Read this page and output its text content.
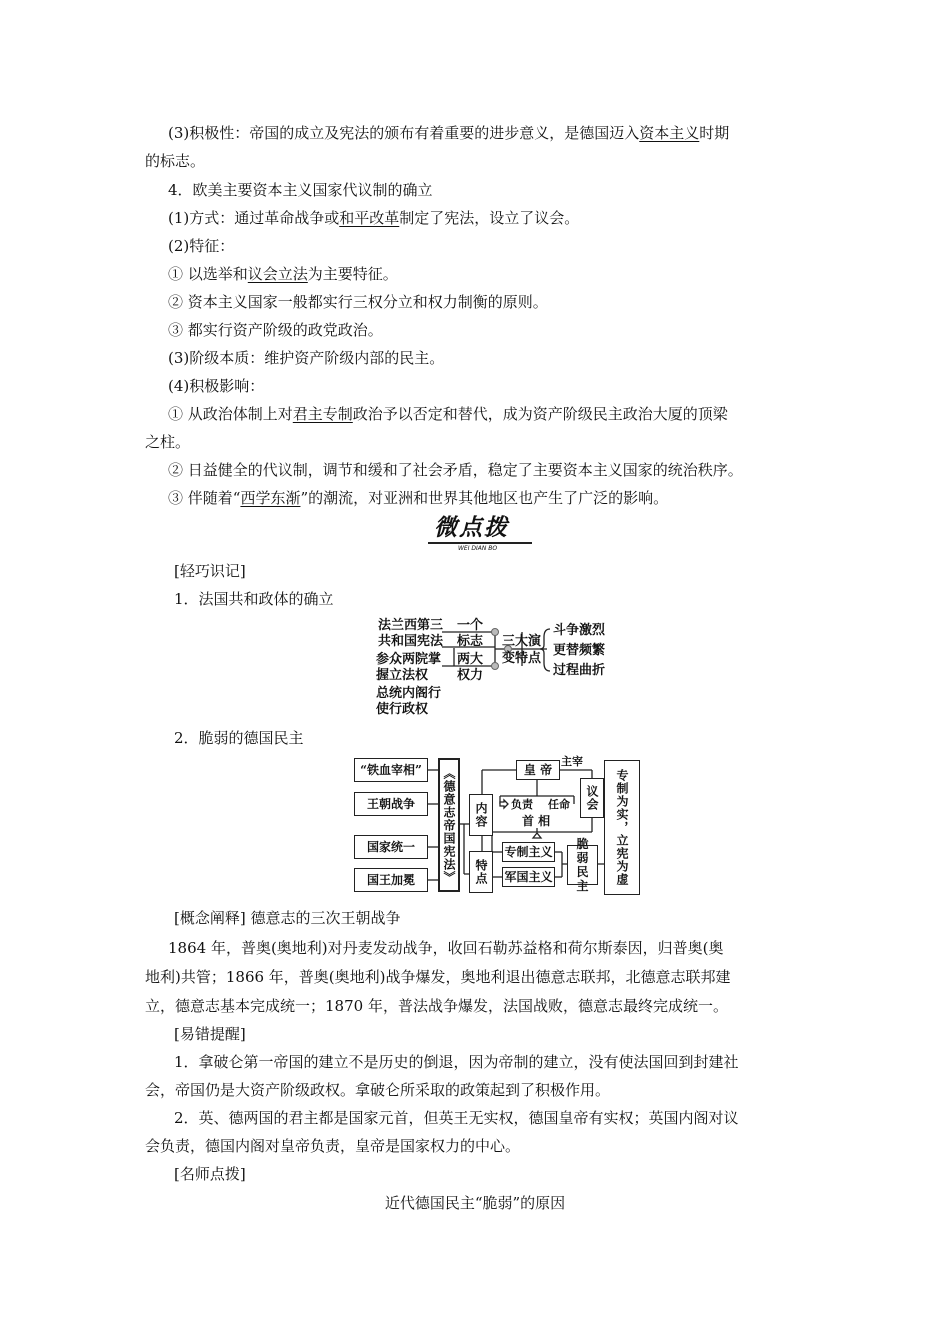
(3)积极性：帝国的成立及宪法的颁布有着重要的进步意义，是德国迈入资本主义时期
的标志。
4．欧美主要资本主义国家代议制的确立
(1)方式：通过革命战争或和平改革制定了宪法，设立了议会。
(2)特征：
① 以选举和议会立法为主要特征。
② 资本主义国家一般都实行三权分立和权力制衡的原则。
③ 都实行资产阶级的政党政治。
(3)阶级本质：维护资产阶级内部的民主。
(4)积极影响：
① 从政治体制上对君主专制政治予以否定和替代，成为资产阶级民主政治大厦的顶梁
之柱。
② 日益健全的代议制，调节和缓和了社会矛盾，稳定了主要资本主义国家的统治秩序。
③ 伴随着“西学东渐”的潮流，对亚洲和世界其他地区也产生了广泛的影响。
微点拨
WEI DIAN BO
[轻巧识记]
1．法国共和政体的确立
法兰西第三
共和国宪法
参众两院掌
握立法权
总统内阁行
使行政权
一个
标志
两大
权力
三大演
变特点
斗争激烈
更替频繁
过程曲折
2．脆弱的德国民主
“铁血宰相”
王朝战争
国家统一
国王加冕 《德意志帝国宪法》 内容
皇 帝
主宰
负责 任命
首 相
议会
特点
专制主义
军国主义
脆弱民主	专制为实，立宪为虚
[概念阐释] 德意志的三次王朝战争
1864 年，普奥(奥地利)对丹麦发动战争，收回石勒苏益格和荷尔斯泰因，归普奥(奥
地利)共管；1866 年，普奥(奥地利)战争爆发，奥地利退出德意志联邦，北德意志联邦建
立，德意志基本完成统一；1870 年，普法战争爆发，法国战败，德意志最终完成统一。
[易错提醒]
1．拿破仑第一帝国的建立不是历史的倒退，因为帝制的建立，没有使法国回到封建社
会，帝国仍是大资产阶级政权。拿破仑所采取的政策起到了积极作用。
2．英、德两国的君主都是国家元首，但英王无实权，德国皇帝有实权；英国内阁对议
会负责，德国内阁对皇帝负责，皇帝是国家权力的中心。
[名师点拨]
近代德国民主“脆弱”的原因
